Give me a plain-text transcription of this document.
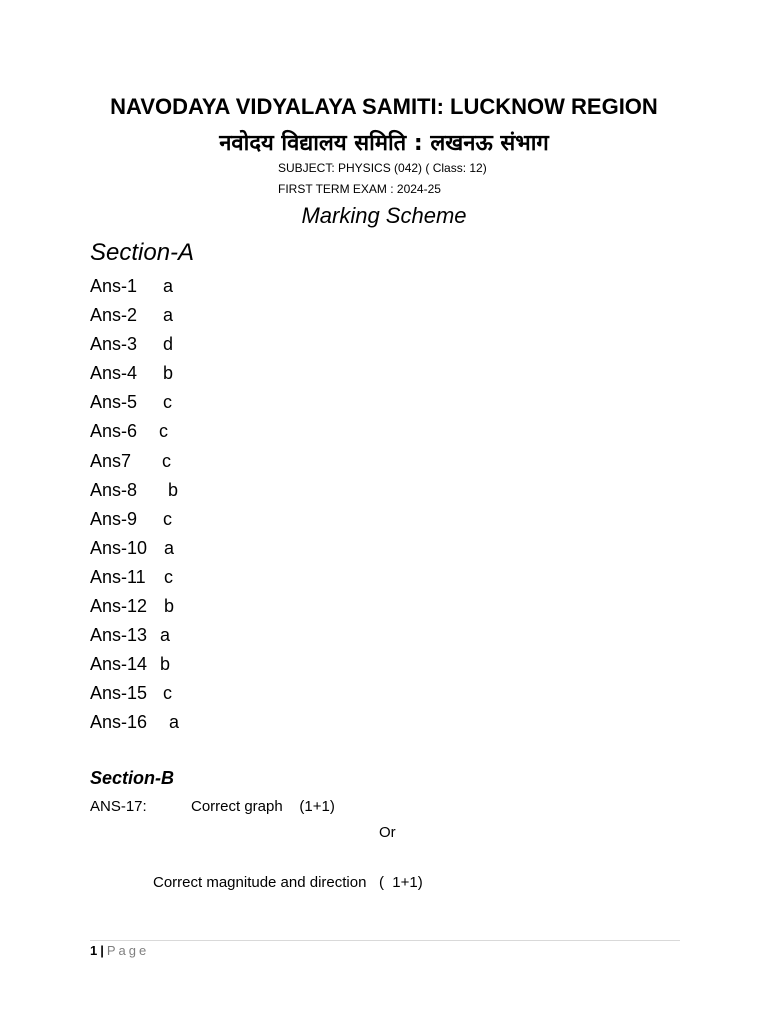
NAVODAYA VIDYALAYA SAMITI: LUCKNOW REGION
नवोदय विद्यालय समिति : लखनऊ संभाग
SUBJECT: PHYSICS (042) ( Class: 12)
FIRST TERM EXAM : 2024-25
Marking Scheme
Section-A
Ans-1 a
Ans-2 a
Ans-3 d
Ans-4 b
Ans-5 c
Ans-6 c
Ans7 c
Ans-8 b
Ans-9 c
Ans-10 a
Ans-11 c
Ans-12 b
Ans-13 a
Ans-14 b
Ans-15 c
Ans-16 a
Section-B
ANS-17:	Correct graph    (1+1)
Or
Correct magnitude and direction   (  1+1)
1 | Page
